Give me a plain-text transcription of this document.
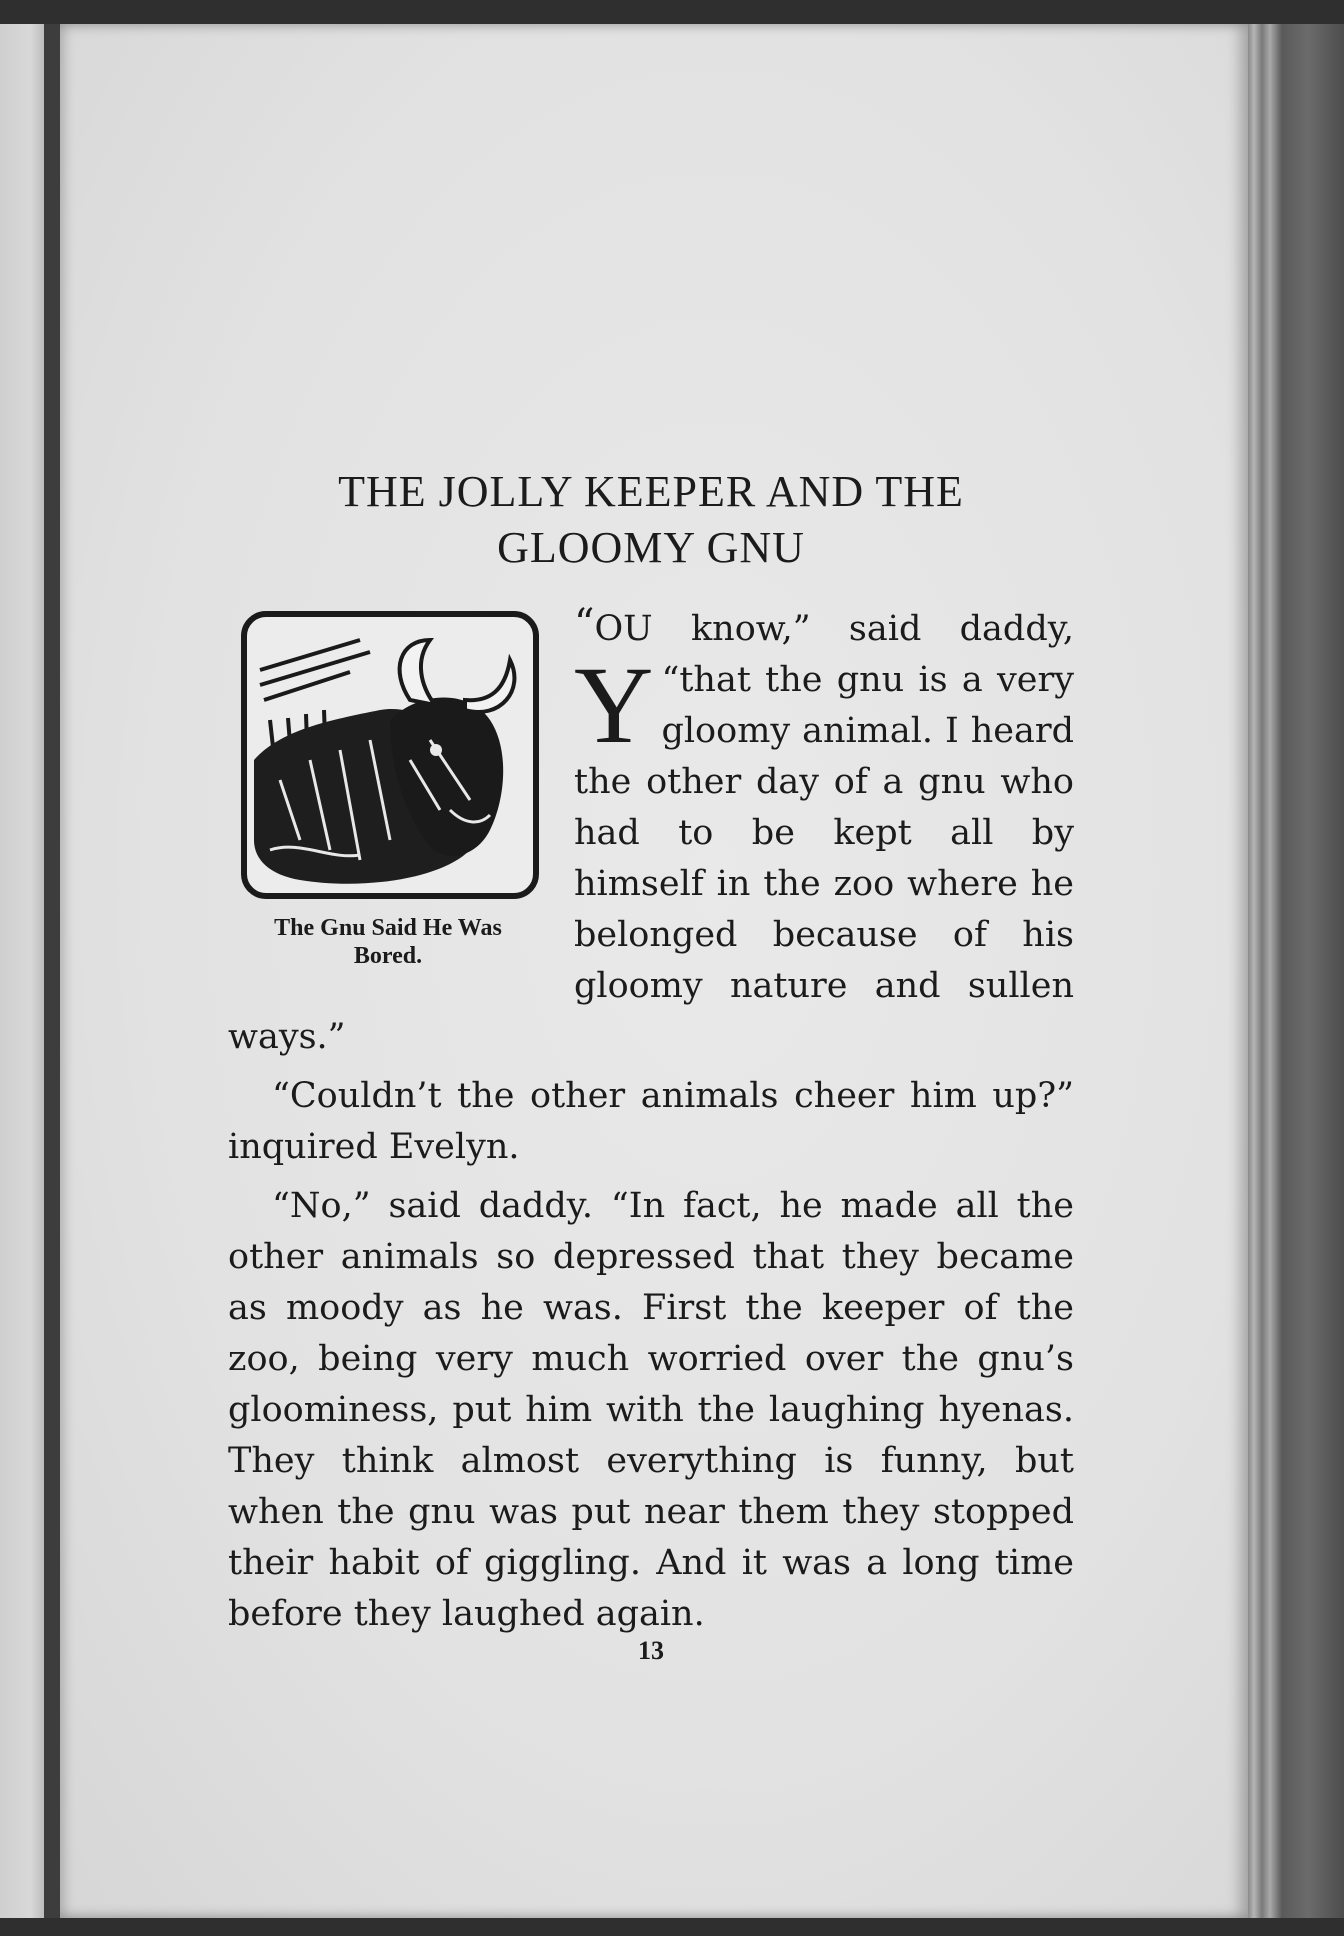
THE JOLLY KEEPER AND THE
GLOOMY GNU
The Gnu Said He Was
Bored.

“
Y
OU know,” said daddy, “that the gnu is a very gloomy animal. I heard the other day of a gnu who had to be kept all by himself in the zoo where he belonged because of his gloomy nature and sullen ways.”

“Couldn’t the other animals cheer him up?” inquired Evelyn.

“No,” said daddy. “In fact, he made all the other animals so depressed that they became as moody as he was. First the keeper of the zoo, being very much worried over the gnu’s gloominess, put him with the laughing hyenas. They think almost everything is funny, but when the gnu was put near them they stopped their habit of giggling. And it was a long time before they laughed again.

13
